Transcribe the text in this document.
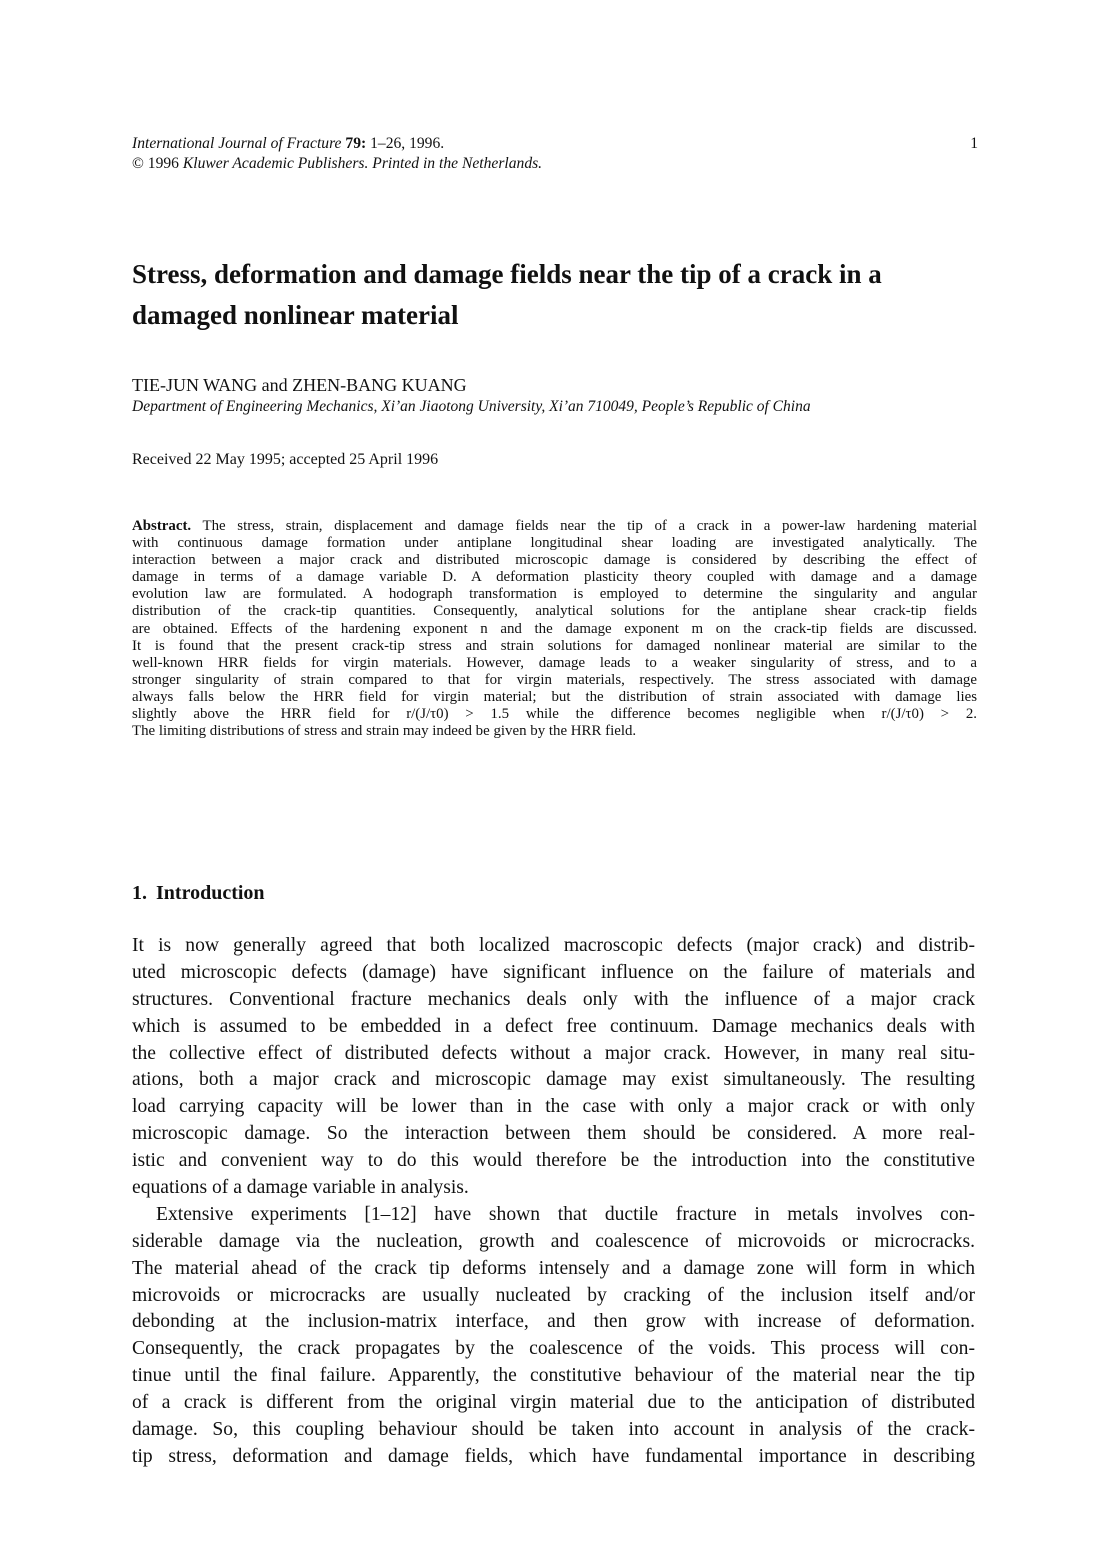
International Journal of Fracture 79: 1–26, 1996.
© 1996 Kluwer Academic Publishers. Printed in the Netherlands.
1
Stress, deformation and damage fields near the tip of a crack in a
damaged nonlinear material
TIE-JUN WANG and ZHEN-BANG KUANG
Department of Engineering Mechanics, Xi’an Jiaotong University, Xi’an 710049, People’s Republic of China
Received 22 May 1995; accepted 25 April 1996
Abstract. The stress, strain, displacement and damage fields near the tip of a crack in a power-law hardening material
with continuous damage formation under antiplane longitudinal shear loading are investigated analytically. The
interaction between a major crack and distributed microscopic damage is considered by describing the effect of
damage in terms of a damage variable D. A deformation plasticity theory coupled with damage and a damage
evolution law are formulated. A hodograph transformation is employed to determine the singularity and angular
distribution of the crack-tip quantities. Consequently, analytical solutions for the antiplane shear crack-tip fields
are obtained. Effects of the hardening exponent n and the damage exponent m on the crack-tip fields are discussed.
It is found that the present crack-tip stress and strain solutions for damaged nonlinear material are similar to the
well-known HRR fields for virgin materials. However, damage leads to a weaker singularity of stress, and to a
stronger singularity of strain compared to that for virgin materials, respectively. The stress associated with damage
always falls below the HRR field for virgin material; but the distribution of strain associated with damage lies
slightly above the HRR field for r/(J/τ0) > 1.5 while the difference becomes negligible when r/(J/τ0) > 2.
The limiting distributions of stress and strain may indeed be given by the HRR field.
1. Introduction
It is now generally agreed that both localized macroscopic defects (major crack) and distrib-
uted microscopic defects (damage) have significant influence on the failure of materials and
structures. Conventional fracture mechanics deals only with the influence of a major crack
which is assumed to be embedded in a defect free continuum. Damage mechanics deals with
the collective effect of distributed defects without a major crack. However, in many real situ-
ations, both a major crack and microscopic damage may exist simultaneously. The resulting
load carrying capacity will be lower than in the case with only a major crack or with only
microscopic damage. So the interaction between them should be considered. A more real-
istic and convenient way to do this would therefore be the introduction into the constitutive
equations of a damage variable in analysis.
Extensive experiments [1–12] have shown that ductile fracture in metals involves con-
siderable damage via the nucleation, growth and coalescence of microvoids or microcracks.
The material ahead of the crack tip deforms intensely and a damage zone will form in which
microvoids or microcracks are usually nucleated by cracking of the inclusion itself and/or
debonding at the inclusion-matrix interface, and then grow with increase of deformation.
Consequently, the crack propagates by the coalescence of the voids. This process will con-
tinue until the final failure. Apparently, the constitutive behaviour of the material near the tip
of a crack is different from the original virgin material due to the anticipation of distributed
damage. So, this coupling behaviour should be taken into account in analysis of the crack-
tip stress, deformation and damage fields, which have fundamental importance in describing
